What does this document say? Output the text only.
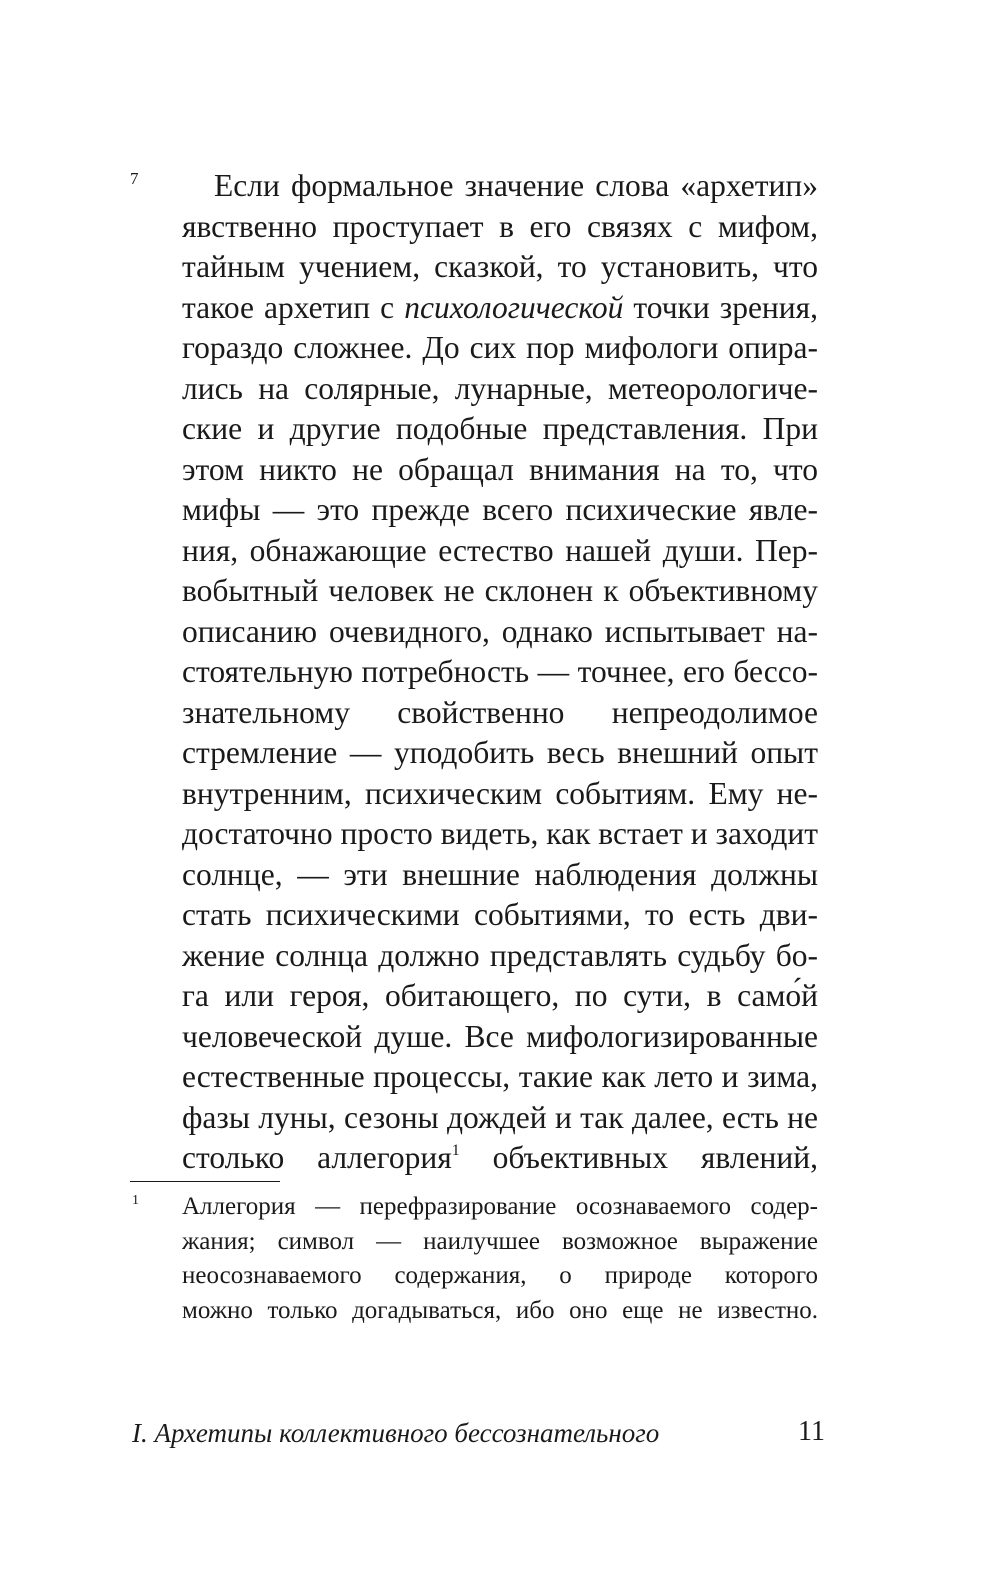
7	Если формальное значение слова «архетип»
явственно проступает в его связях с мифом,
тайным учением, сказкой, то установить, что
такое архетип с психологической точки зрения,
гораздо сложнее. До сих пор мифологи опира-
лись на солярные, лунарные, метеорологиче-
ские и другие подобные представления. При
этом никто не обращал внимания на то, что
мифы — это прежде всего психические явле-
ния, обнажающие естество нашей души. Пер-
вобытный человек не склонен к объективному
описанию очевидного, однако испытывает на-
стоятельную потребность — точнее, его бессо-
знательному свойственно непреодолимое
стремление — уподобить весь внешний опыт
внутренним, психическим событиям. Ему не-
достаточно просто видеть, как встает и заходит
солнце, — эти внешние наблюдения должны
стать психическими событиями, то есть дви-
жение солнца должно представлять судьбу бо-
га или героя, обитающего, по сути, в само́й
человеческой душе. Все мифологизированные
естественные процессы, такие как лето и зима,
фазы луны, сезоны дождей и так далее, есть не
столько аллегория$^1$ объективных явлений,
1 Аллегория — перефразирование осознаваемого содер-
жания; символ — наилучшее возможное выражение
неосознаваемого содержания, о природе которого
можно только догадываться, ибо оно еще не известно.
I. Архетипы коллективного бессознательного	11
